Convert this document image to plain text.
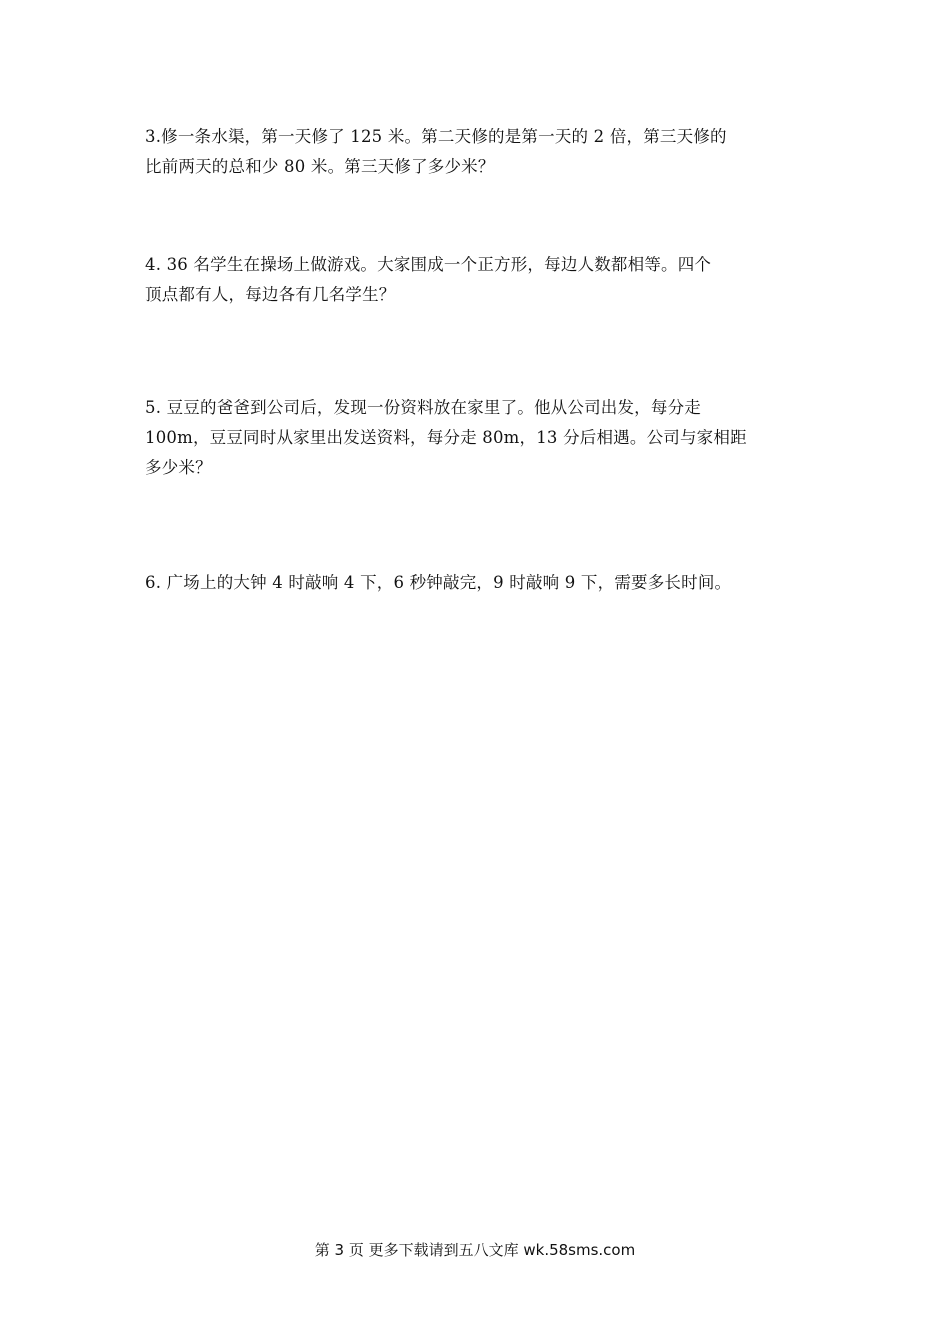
3.修一条水渠，第一天修了 125 米。第二天修的是第一天的 2 倍，第三天修的
比前两天的总和少 80 米。第三天修了多少米？
4. 36 名学生在操场上做游戏。大家围成一个正方形，每边人数都相等。四个
顶点都有人，每边各有几名学生？
5. 豆豆的爸爸到公司后，发现一份资料放在家里了。他从公司出发，每分走
100m，豆豆同时从家里出发送资料，每分走 80m，13 分后相遇。公司与家相距
多少米？
6. 广场上的大钟 4 时敲响 4 下，6 秒钟敲完，9 时敲响 9 下，需要多长时间。
第 3 页 更多下载请到五八文库 wk.58sms.com
